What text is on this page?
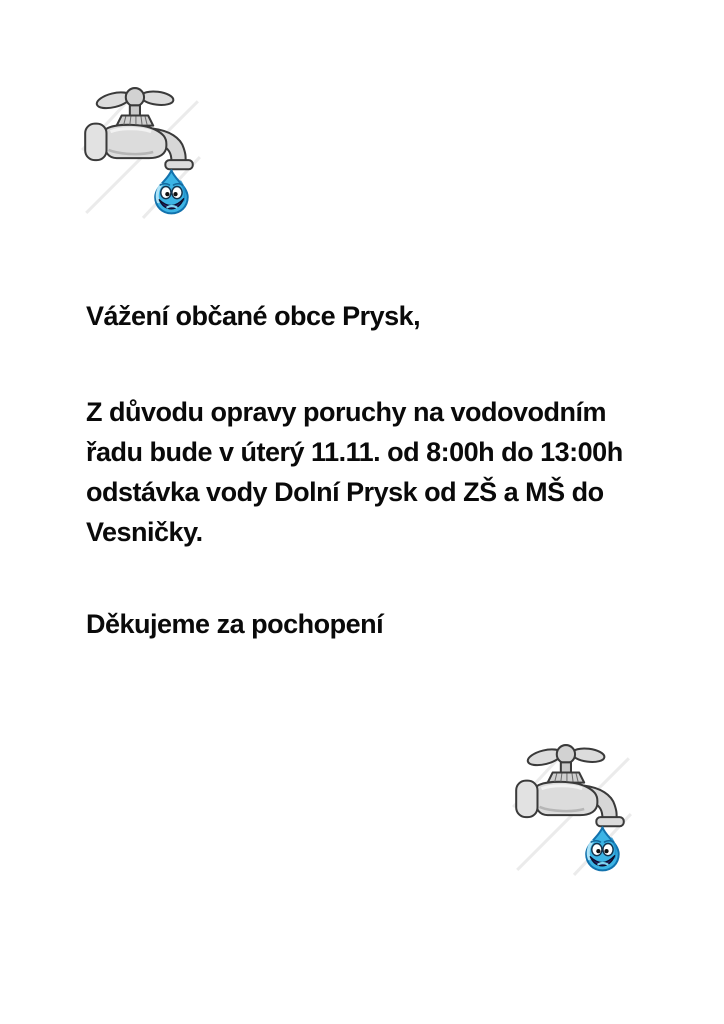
Vážení občané obce Prysk,

Z důvodu opravy poruchy na vodovodním

řadu bude v úterý 11.11. od 8:00h do 13:00h

odstávka vody Dolní Prysk od ZŠ a MŠ do

Vesničky.

Děkujeme za pochopení
